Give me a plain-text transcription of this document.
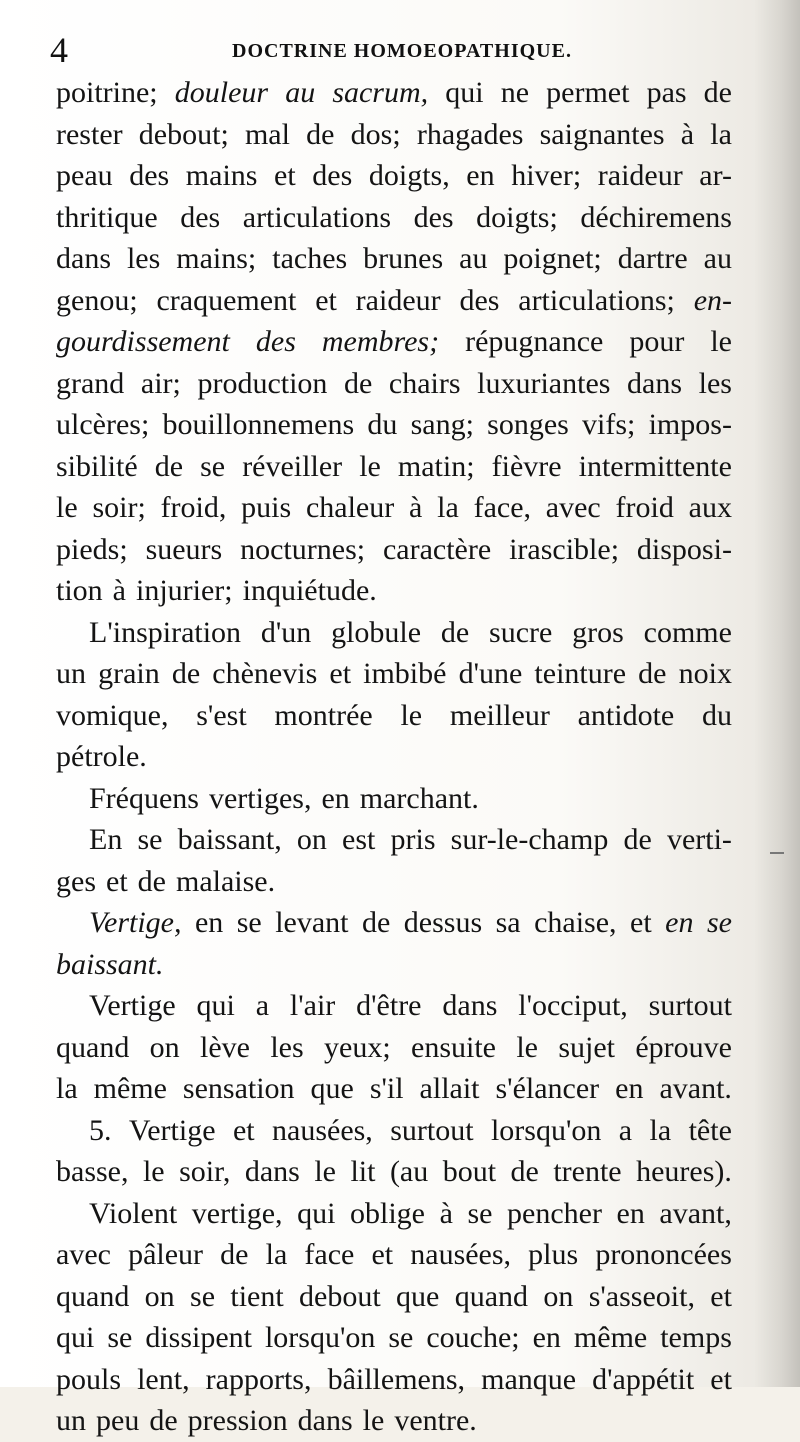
4	DOCTRINE HOMOEOPATHIQUE.
poitrine; douleur au sacrum, qui ne permet pas de
rester debout; mal de dos; rhagades saignantes à la
peau des mains et des doigts, en hiver; raideur ar-
thritique des articulations des doigts; déchiremens
dans les mains; taches brunes au poignet; dartre au
genou; craquement et raideur des articulations; en-
gourdissement des membres; répugnance pour le
grand air; production de chairs luxuriantes dans les
ulcères; bouillonnemens du sang; songes vifs; impos-
sibilité de se réveiller le matin; fièvre intermittente
le soir; froid, puis chaleur à la face, avec froid aux
pieds; sueurs nocturnes; caractère irascible; disposi-
tion à injurier; inquiétude.
L'inspiration d'un globule de sucre gros comme
un grain de chènevis et imbibé d'une teinture de noix
vomique, s'est montrée le meilleur antidote du
pétrole.
Fréquens vertiges, en marchant.
En se baissant, on est pris sur-le-champ de verti-
ges et de malaise.
Vertige, en se levant de dessus sa chaise, et en se
baissant.
Vertige qui a l'air d'être dans l'occiput, surtout
quand on lève les yeux; ensuite le sujet éprouve
la même sensation que s'il allait s'élancer en avant.
5. Vertige et nausées, surtout lorsqu'on a la tête
basse, le soir, dans le lit (au bout de trente heures).
Violent vertige, qui oblige à se pencher en avant,
avec pâleur de la face et nausées, plus prononcées
quand on se tient debout que quand on s'asseoit, et
qui se dissipent lorsqu'on se couche; en même temps
pouls lent, rapports, bâillemens, manque d'appétit et
un peu de pression dans le ventre.
